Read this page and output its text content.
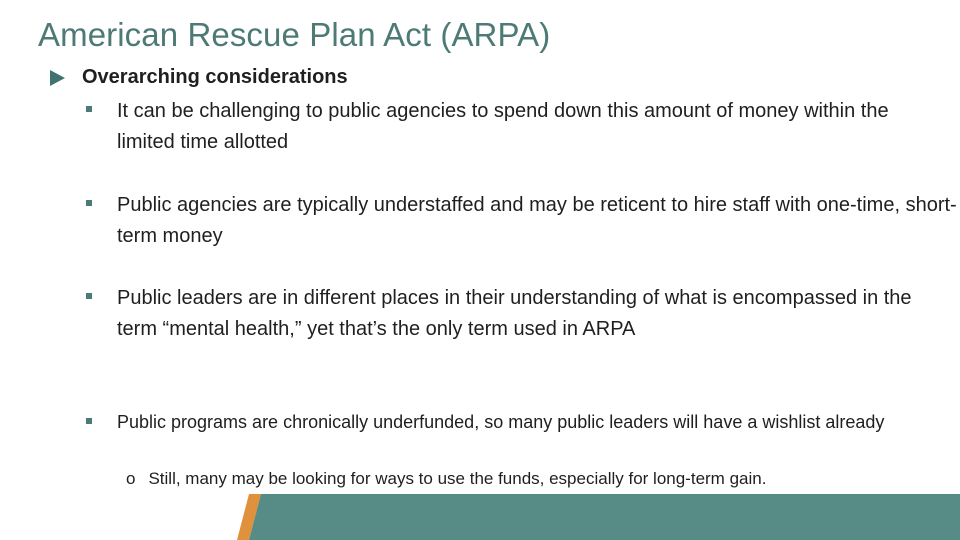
American Rescue Plan Act (ARPA)
Overarching considerations
It can be challenging to public agencies to spend down this amount of money within the limited time allotted
Public agencies are typically understaffed and may be reticent to hire staff with one-time, short-term money
Public leaders are in different places in their understanding of what is encompassed in the term “mental health,” yet that’s the only term used in ARPA
Public programs are chronically underfunded, so many public leaders will have a wishlist already
o Still, many may be looking for ways to use the funds, especially for long-term gain.
